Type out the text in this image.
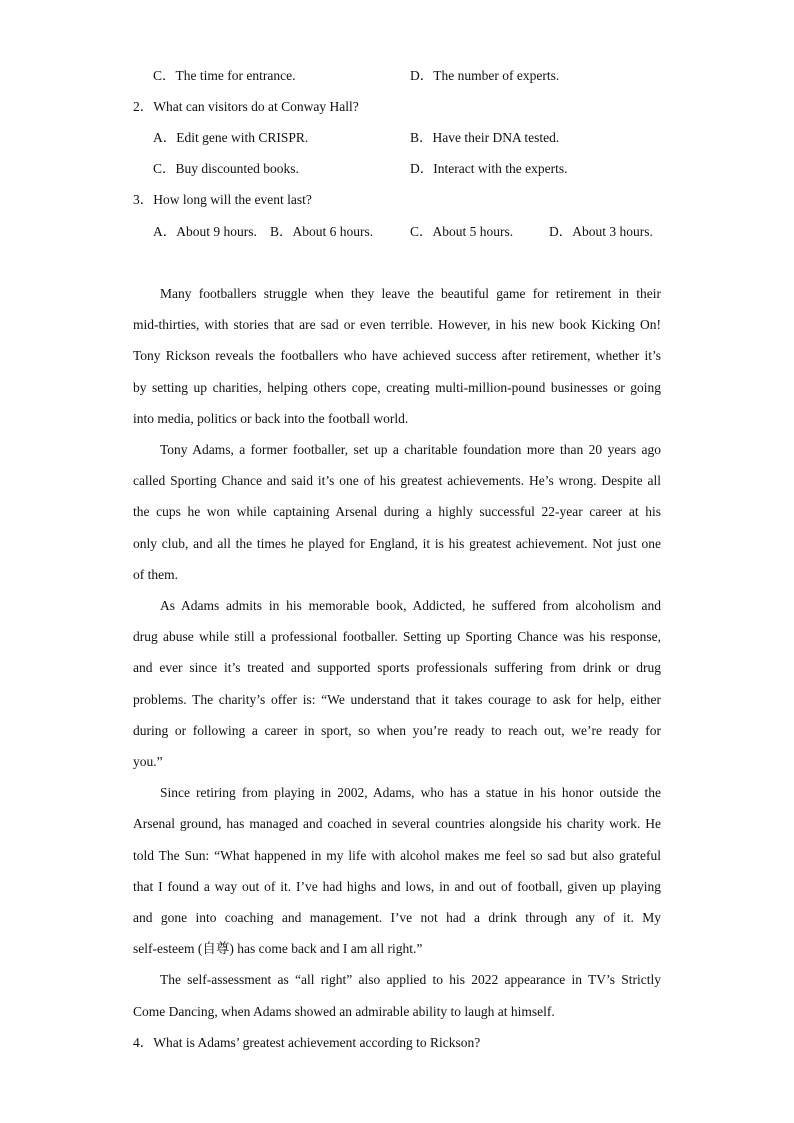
C．The time for entrance.	D．The number of experts.
2．What can visitors do at Conway Hall?
A．Edit gene with CRISPR.	B．Have their DNA tested.
C．Buy discounted books.	D．Interact with the experts.
3．How long will the event last?
A．About 9 hours. B．About 6 hours.	C．About 5 hours.	D．About 3 hours.
Many footballers struggle when they leave the beautiful game for retirement in their
mid-thirties, with stories that are sad or even terrible. However, in his new book Kicking On!
Tony Rickson reveals the footballers who have achieved success after retirement, whether it’s
by setting up charities, helping others cope, creating multi-million-pound businesses or going
into media, politics or back into the football world.
Tony Adams, a former footballer, set up a charitable foundation more than 20 years ago
called Sporting Chance and said it’s one of his greatest achievements. He’s wrong. Despite all
the cups he won while captaining Arsenal during a highly successful 22-year career at his
only club, and all the times he played for England, it is his greatest achievement. Not just one
of them.
As Adams admits in his memorable book, Addicted, he suffered from alcoholism and
drug abuse while still a professional footballer. Setting up Sporting Chance was his response,
and ever since it’s treated and supported sports professionals suffering from drink or drug
problems. The charity’s offer is: “We understand that it takes courage to ask for help, either
during or following a career in sport, so when you’re ready to reach out, we’re ready for
you.”
Since retiring from playing in 2002, Adams, who has a statue in his honor outside the
Arsenal ground, has managed and coached in several countries alongside his charity work. He
told The Sun: “What happened in my life with alcohol makes me feel so sad but also grateful
that I found a way out of it. I’ve had highs and lows, in and out of football, given up playing
and gone into coaching and management. I’ve not had a drink through any of it. My
self-esteem (自尊) has come back and I am all right.”
The self-assessment as “all right” also applied to his 2022 appearance in TV’s Strictly
Come Dancing, when Adams showed an admirable ability to laugh at himself.
4．What is Adams’ greatest achievement according to Rickson?
